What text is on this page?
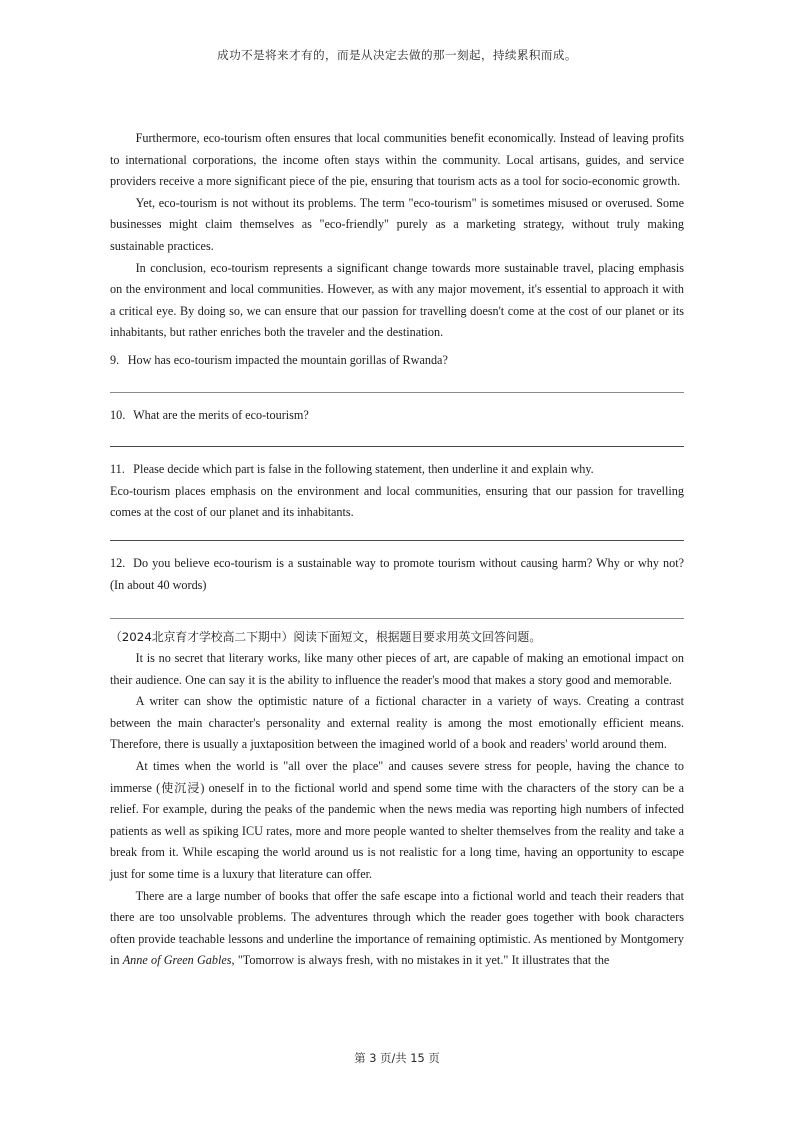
成功不是将来才有的，而是从决定去做的那一刻起，持续累积而成。

Furthermore, eco-tourism often ensures that local communities benefit economically. Instead of leaving profits to international corporations, the income often stays within the community. Local artisans, guides, and service providers receive a more significant piece of the pie, ensuring that tourism acts as a tool for socio-economic growth.

Yet, eco-tourism is not without its problems. The term "eco-tourism" is sometimes misused or overused. Some businesses might claim themselves as "eco-friendly" purely as a marketing strategy, without truly making sustainable practices.

In conclusion, eco-tourism represents a significant change towards more sustainable travel, placing emphasis on the environment and local communities. However, as with any major movement, it's essential to approach it with a critical eye. By doing so, we can ensure that our passion for travelling doesn't come at the cost of our planet or its inhabitants, but rather enriches both the traveler and the destination.

9. How has eco-tourism impacted the mountain gorillas of Rwanda?

10. What are the merits of eco-tourism?

11. Please decide which part is false in the following statement, then underline it and explain why.

Eco-tourism places emphasis on the environment and local communities, ensuring that our passion for travelling comes at the cost of our planet and its inhabitants.

12. Do you believe eco-tourism is a sustainable way to promote tourism without causing harm? Why or why not? (In about 40 words)

（2024北京育才学校高二下期中）阅读下面短文，根据题目要求用英文回答问题。

It is no secret that literary works, like many other pieces of art, are capable of making an emotional impact on their audience. One can say it is the ability to influence the reader's mood that makes a story good and memorable.

A writer can show the optimistic nature of a fictional character in a variety of ways. Creating a contrast between the main character's personality and external reality is among the most emotionally efficient means. Therefore, there is usually a juxtaposition between the imagined world of a book and readers' world around them.

At times when the world is "all over the place" and causes severe stress for people, having the chance to immerse (使沉浸) oneself in to the fictional world and spend some time with the characters of the story can be a relief. For example, during the peaks of the pandemic when the news media was reporting high numbers of infected patients as well as spiking ICU rates, more and more people wanted to shelter themselves from the reality and take a break from it. While escaping the world around us is not realistic for a long time, having an opportunity to escape just for some time is a luxury that literature can offer.

There are a large number of books that offer the safe escape into a fictional world and teach their readers that there are too unsolvable problems. The adventures through which the reader goes together with book characters often provide teachable lessons and underline the importance of remaining optimistic. As mentioned by Montgomery in Anne of Green Gables, "Tomorrow is always fresh, with no mistakes in it yet." It illustrates that the

第 3 页/共 15 页
